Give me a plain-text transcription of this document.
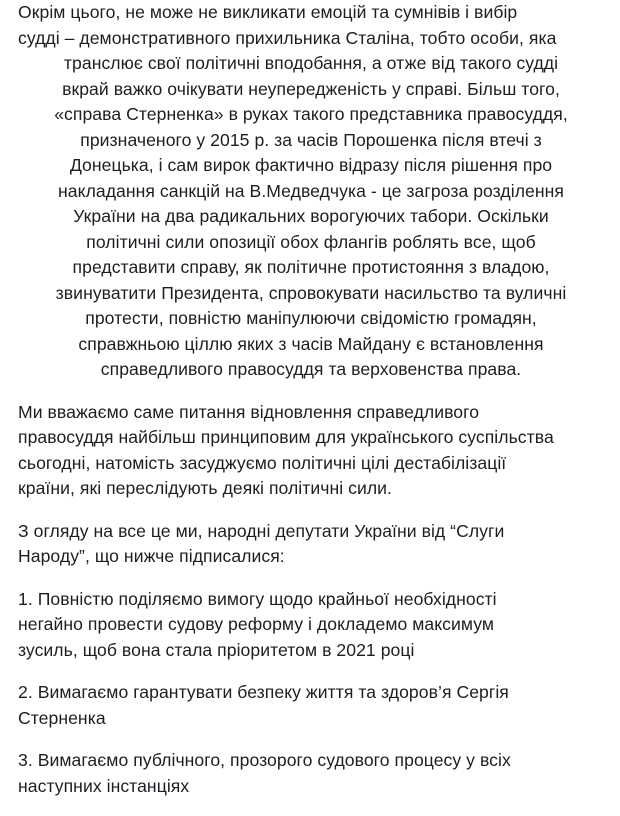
Окрім цього, не може не викликати емоцій та сумнівів і вибір
судді – демонстративного прихильника Сталіна, тобто особи, яка
транслює свої політичні вподобання, а отже від такого судді
вкрай важко очікувати неупередженість у справі. Більш того,
«справа Стерненка» в руках такого представника правосуддя,
призначеного у 2015 р. за часів Порошенка після втечі з
Донецька, і сам вирок фактично відразу після рішення про
накладання санкцій на В.Медведчука - це загроза розділення
України на два радикальних ворогуючих табори. Оскільки
політичні сили опозиції обох флангів роблять все, щоб
представити справу, як політичне протистояння з владою,
звинуватити Президента, спровокувати насильство та вуличні
протести, повністю маніпулюючи свідомістю громадян,
справжньою ціллю яких з часів Майдану є встановлення
справедливого правосуддя та верховенства права.

Ми вважаємо саме питання відновлення справедливого
правосуддя найбільш принциповим для українського суспільства
сьогодні, натомість засуджуємо політичні цілі дестабілізації
країни, які переслідують деякі політичні сили.

З огляду на все це ми, народні депутати України від “Слуги
Народу”, що нижче підписалися:

1. Повністю поділяємо вимогу щодо крайньої необхідності
негайно провести судову реформу і докладемо максимум
зусиль, щоб вона стала пріоритетом в 2021 році

2. Вимагаємо гарантувати безпеку життя та здоров’я Сергія
Стерненка

3. Вимагаємо публічного, прозорого судового процесу у всіх
наступних інстанціях
